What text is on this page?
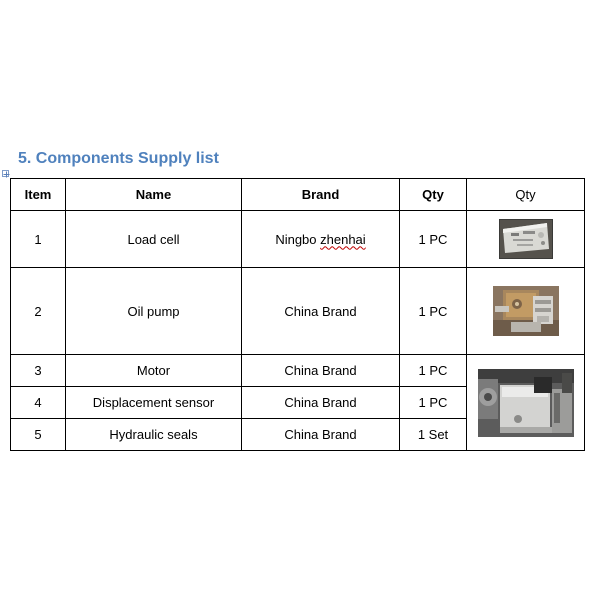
5. Components Supply list
Item	Name	Brand	Qty	Qty
1	Load cell	Ningbo zhenhai	1 PC	

2	Oil pump	China Brand	1 PC	

3	Motor	China Brand	1 PC	

4	Displacement sensor	China Brand	1 PC	
5	Hydraulic seals	China Brand	1 Set	
